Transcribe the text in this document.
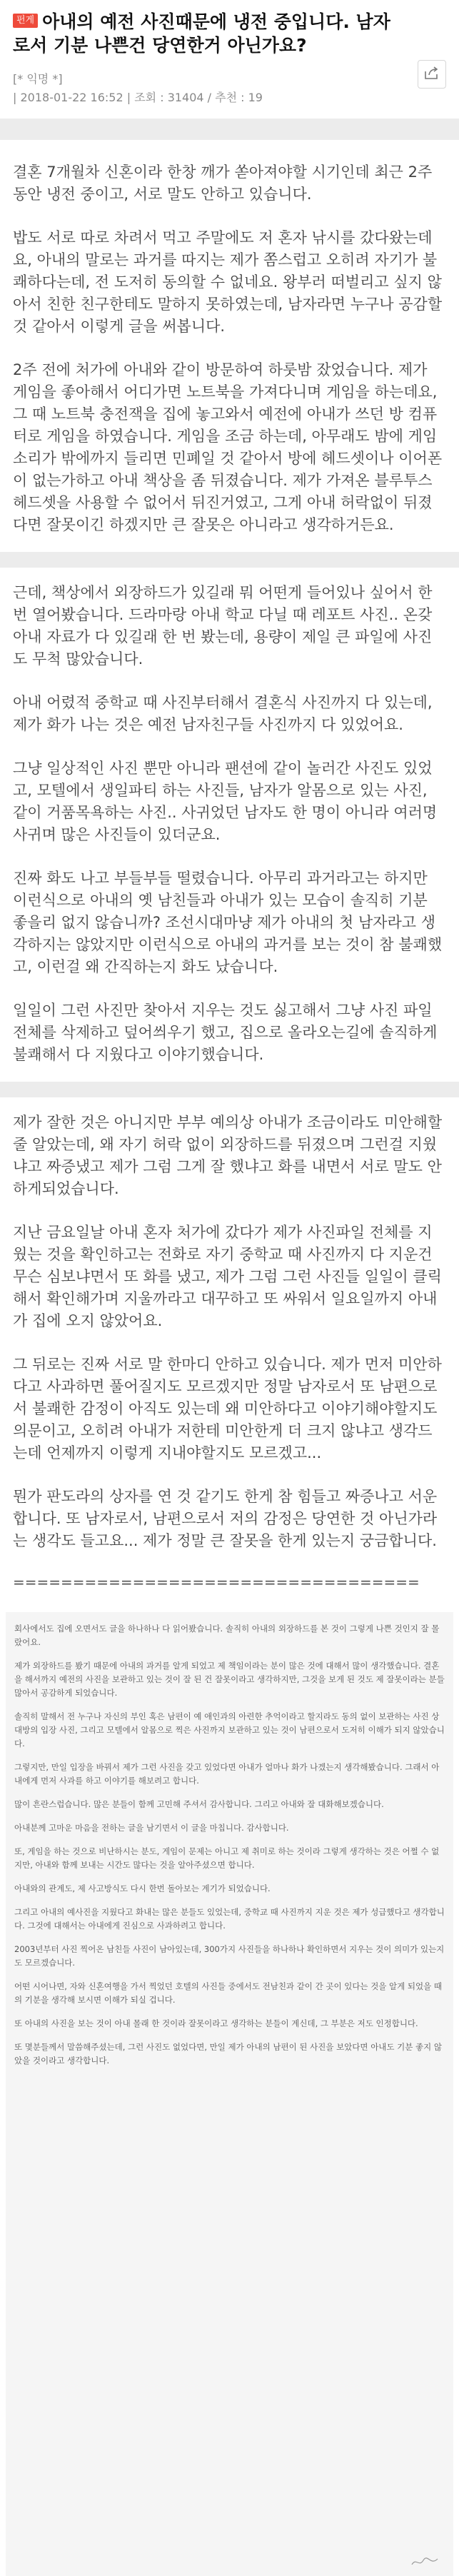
펀게 아내의 예전 사진때문에 냉전 중입니다. 남자로서 기분 나쁜건 당연한거 아닌가요?
[* 익명 *]
| 2018-01-22 16:52 | 조회 : 31404 / 추천 : 19

결혼 7개월차 신혼이라 한창 깨가 쏟아져야할 시기인데 최근 2주동안 냉전 중이고, 서로 말도 안하고 있습니다.

밥도 서로 따로 차려서 먹고 주말에도 저 혼자 낚시를 갔다왔는데요, 아내의 말로는 과거를 따지는 제가 쫌스럽고 오히려 자기가 불쾌하다는데, 전 도저히 동의할 수 없네요. 왕부러 떠벌리고 싶지 않아서 친한 친구한테도 말하지 못하였는데, 남자라면 누구나 공감할 것 같아서 이렇게 글을 써봅니다.

2주 전에 처가에 아내와 같이 방문하여 하룻밤 잤었습니다. 제가 게임을 좋아해서 어디가면 노트북을 가져다니며 게임을 하는데요, 그 때 노트북 충전잭을 집에 놓고와서 예전에 아내가 쓰던 방 컴퓨터로 게임을 하였습니다. 게임을 조금 하는데, 아무래도 밤에 게임소리가 밖에까지 들리면 민폐일 것 같아서 방에 헤드셋이나 이어폰이 없는가하고 아내 책상을 좀 뒤졌습니다. 제가 가져온 블루투스 헤드셋을 사용할 수 없어서 뒤진거였고, 그게 아내 허락없이 뒤졌다면 잘못이긴 하겠지만 큰 잘못은 아니라고 생각하거든요.

근데, 책상에서 외장하드가 있길래 뭐 어떤게 들어있나 싶어서 한 번 열어봤습니다. 드라마랑 아내 학교 다닐 때 레포트 사진.. 온갖 아내 자료가 다 있길래 한 번 봤는데, 용량이 제일 큰 파일에 사진도 무척 많았습니다.

아내 어렸적 중학교 때 사진부터해서 결혼식 사진까지 다 있는데, 제가 화가 나는 것은 예전 남자친구들 사진까지 다 있었어요.

그냥 일상적인 사진 뿐만 아니라 팬션에 같이 놀러간 사진도 있었고, 모텔에서 생일파티 하는 사진들, 남자가 알몸으로 있는 사진, 같이 거품목욕하는 사진.. 사귀었던 남자도 한 명이 아니라 여러명 사귀며 많은 사진들이 있더군요.

진짜 화도 나고 부들부들 떨렸습니다. 아무리 과거라고는 하지만 이런식으로 아내의 옛 남친들과 아내가 있는 모습이 솔직히 기분 좋을리 없지 않습니까? 조선시대마냥 제가 아내의 첫 남자라고 생각하지는 않았지만 이런식으로 아내의 과거를 보는 것이 참 불쾌했고, 이런걸 왜 간직하는지 화도 났습니다.

일일이 그런 사진만 찾아서 지우는 것도 싫고해서 그냥 사진 파일 전체를 삭제하고 덮어씌우기 했고, 집으로 올라오는길에 솔직하게 불쾌해서 다 지웠다고 이야기했습니다.

제가 잘한 것은 아니지만 부부 예의상 아내가 조금이라도 미안해할 줄 알았는데, 왜 자기 허락 없이 외장하드를 뒤졌으며 그런걸 지웠냐고 짜증냈고 제가 그럼 그게 잘 했냐고 화를 내면서 서로 말도 안하게되었습니다.

지난 금요일날 아내 혼자 처가에 갔다가 제가 사진파일 전체를 지웠는 것을 확인하고는 전화로 자기 중학교 때 사진까지 다 지운건 무슨 심보냐면서 또 화를 냈고, 제가 그럼 그런 사진들 일일이 클릭해서 확인해가며 지울까라고 대꾸하고 또 싸워서 일요일까지 아내가 집에 오지 않았어요.

그 뒤로는 진짜 서로 말 한마디 안하고 있습니다. 제가 먼저 미안하다고 사과하면 풀어질지도 모르겠지만 정말 남자로서 또 남편으로서 불쾌한 감정이 아직도 있는데 왜 미안하다고 이야기해야할지도 의문이고, 오히려 아내가 저한테 미안한게 더 크지 않냐고 생각드는데 언제까지 이렇게 지내야할지도 모르겠고...

뭔가 판도라의 상자를 연 것 같기도 한게 참 힘들고 짜증나고 서운합니다. 또 남자로서, 남편으로서 저의 감정은 당연한 것 아닌가라는 생각도 들고요... 제가 정말 큰 잘못을 한게 있는지 궁금합니다.

==================================

회사에서도 집에 오면서도 글을 하나하나 다 읽어봤습니다. 솔직히 아내의 외장하드를 본 것이 그렇게 나쁜 것인지 잘 몰랐어요.

제가 외장하드를 봤기 때문에 아내의 과거를 알게 되었고 제 책임이라는 분이 많은 것에 대해서 많이 생각했습니다. 결혼을 해서까지 예전의 사진을 보관하고 있는 것이 잘 된 건 잘못이라고 생각하지만, 그것을 보게 된 것도 제 잘못이라는 분들 많아서 공감하게 되었습니다.

솔직히 말해서 전 누구나 자신의 부인 혹은 남편이 예 애인과의 아련한 추억이라고 할지라도 동의 없이 보관하는 사진 상대방의 입장 사진, 그리고 모텔에서 알몸으로 찍은 사진까지 보관하고 있는 것이 남편으로서 도저히 이해가 되지 않았습니다.

그렇지만, 만일 입장을 바꿔서 제가 그런 사진을 갖고 있었다면 아내가 얼마나 화가 나겠는지 생각해봤습니다. 그래서 아내에게 먼저 사과를 하고 이야기를 해보려고 합니다.

많이 흔란스럽습니다. 많은 분들이 함께 고민해 주셔서 감사합니다. 그리고 아내와 잘 대화해보겠습니다.

아내분께 고마운 마음을 전하는 글을 남기면서 이 글을 마칩니다. 감사합니다.

또, 게임을 하는 것으로 비난하시는 분도, 게임이 문제는 아니고 제 취미로 하는 것이라 그렇게 생각하는 것은 어쩔 수 없지만, 아내와 함께 보내는 시간도 많다는 것을 알아주셨으면 합니다.

아내와의 관계도, 제 사고방식도 다시 한번 돌아보는 계기가 되었습니다.

그리고 아내의 예사진을 지웠다고 화내는 많은 분들도 있었는데, 중학교 때 사진까지 지운 것은 제가 성급했다고 생각합니다. 그것에 대해서는 아내에게 진심으로 사과하려고 합니다.

2003년부터 사진 찍어온 남친들 사진이 남아있는데, 300가지 사진들을 하나하나 확인하면서 지우는 것이 의미가 있는지도 모르겠습니다.

어떤 시어나면, 자와 신혼여행을 가서 찍었던 호텔의 사진들 중에서도 전남친과 같이 간 곳이 있다는 것을 알게 되었을 때의 기분을 생각해 보시면 이해가 되실 겁니다.

또 아내의 사진을 보는 것이 아내 몰래 한 것이라 잘못이라고 생각하는 분들이 계신데, 그 부분은 저도 인정합니다.

또 몇분들께서 말씀해주셨는데, 그런 사진도 없었다면, 만일 제가 아내의 남편이 된 사진을 보았다면 아내도 기분 좋지 않았을 것이라고 생각합니다.
